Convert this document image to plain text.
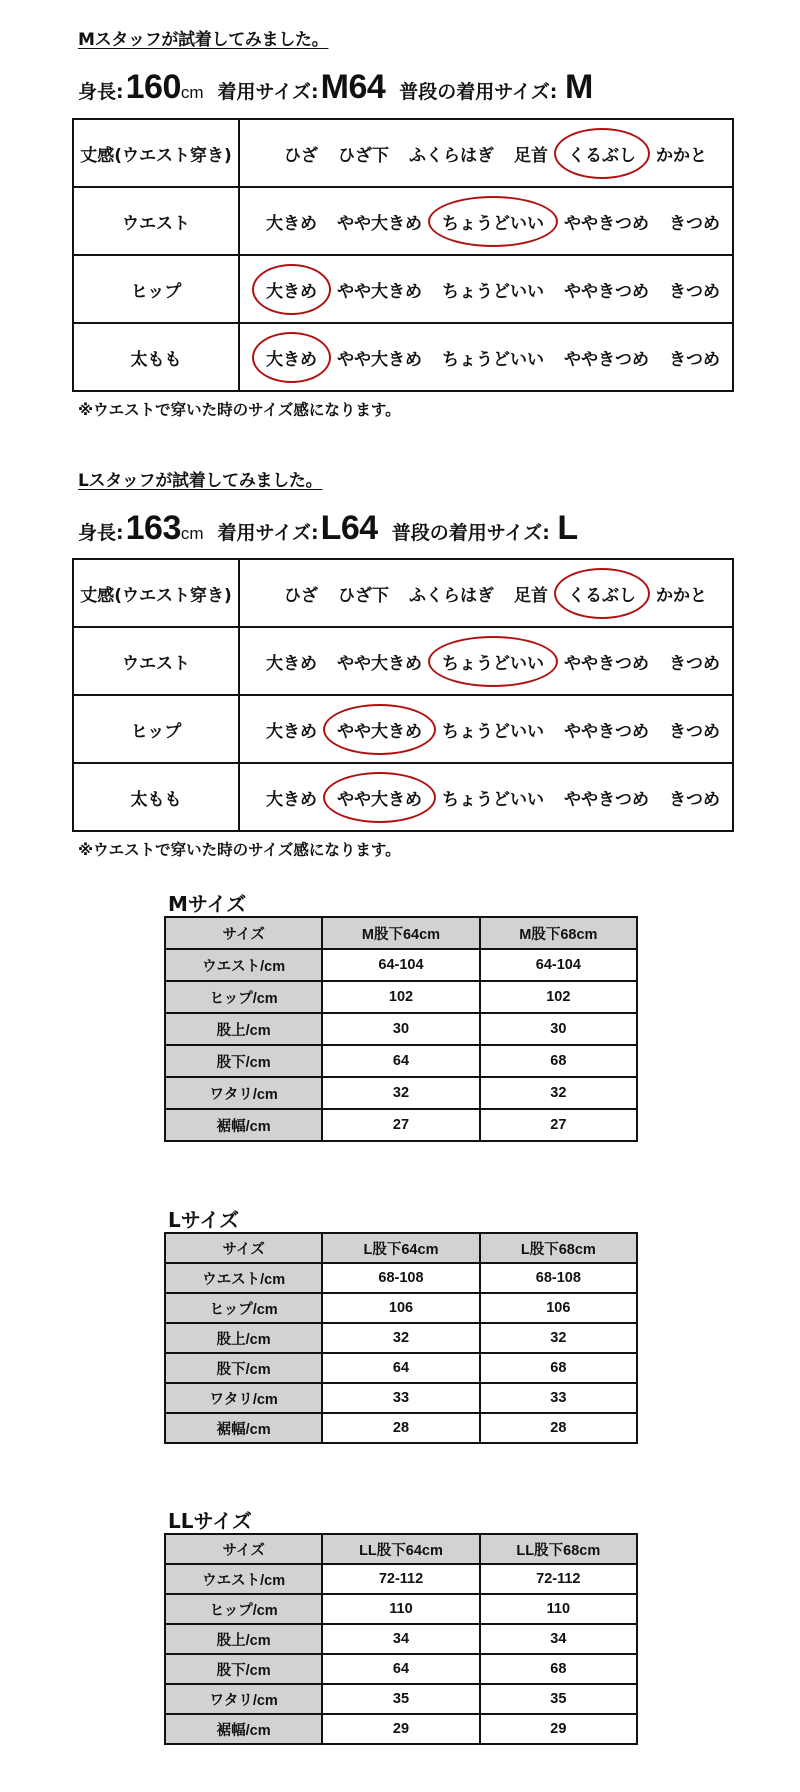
Mスタッフが試着してみました。
身長:160cm 着用サイズ:M64 普段の着用サイズ: M
丈感(ウエスト穿き)	ひざ ひざ下 ふくらはぎ 足首 くるぶし かかと
ウエスト	大きめ やや大きめ ちょうどいい ややきつめ きつめ
ヒップ	大きめ やや大きめ ちょうどいい ややきつめ きつめ
太もも	大きめ やや大きめ ちょうどいい ややきつめ きつめ
※ウエストで穿いた時のサイズ感になります。
Lスタッフが試着してみました。
身長:163cm 着用サイズ:L64 普段の着用サイズ: L
丈感(ウエスト穿き)	ひざ ひざ下 ふくらはぎ 足首 くるぶし かかと
ウエスト	大きめ やや大きめ ちょうどいい ややきつめ きつめ
ヒップ	大きめ やや大きめ ちょうどいい ややきつめ きつめ
太もも	大きめ やや大きめ ちょうどいい ややきつめ きつめ
※ウエストで穿いた時のサイズ感になります。
Mサイズ
サイズ	M股下64cm	M股下68cm
ウエスト/cm	64-104	64-104
ヒップ/cm	102	102
股上/cm	30	30
股下/cm	64	68
ワタリ/cm	32	32
裾幅/cm	27	27
Lサイズ
サイズ	L股下64cm	L股下68cm
ウエスト/cm	68-108	68-108
ヒップ/cm	106	106
股上/cm	32	32
股下/cm	64	68
ワタリ/cm	33	33
裾幅/cm	28	28
LLサイズ
サイズ	LL股下64cm	LL股下68cm
ウエスト/cm	72-112	72-112
ヒップ/cm	110	110
股上/cm	34	34
股下/cm	64	68
ワタリ/cm	35	35
裾幅/cm	29	29
